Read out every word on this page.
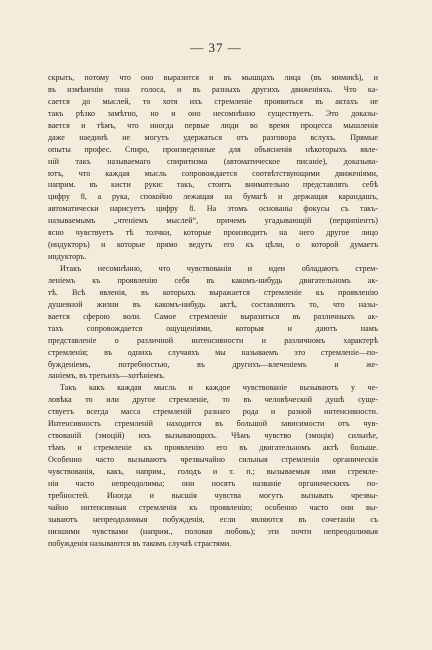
— 37 —
скрыть, потому что оно выразится и въ мышцахъ лица (въ мимикѣ), и
въ измѣненіи тона голоса, и въ разныхъ другихъ движеніяхъ. Что ка-
сается до мыслей, то хотя ихъ стремленіе проявиться въ актахъ не
такъ рѣзко замѣтно, но и оно несомнѣнно существуетъ. Это доказы-
вается и тѣмъ, что иногда первые люди во время процесса мышленія
даже наединѣ не могутъ удержаться отъ разговора вслухъ. Прямые
опыты профес. Спиро, произведенные для объясненія нѣкоторыхъ явле-
ній такъ называемаго спиритизма (автоматическое писаніе), доказыва-
ютъ, что каждая мысль сопровождается соотвѣтствующими движеніями,
наприм. въ кисти руки: такъ, стоитъ внимательно представлять себѣ
цифру 8, а рука, спокойно лежащая на бумагѣ и держащая карандашъ,
автоматически нарисуетъ цифру 8. На этомъ основаны фокусы съ такъ-
называемымъ „чтеніемъ мыслей“, причемъ угадывающій (перципіентъ)
ясно чувствуетъ тѣ толчки, которые производитъ на него другое лицо
(индукторъ) и которые прямо ведутъ его къ цѣли, о которой думаетъ
индукторъ.
Итакъ несомнѣнно, что чувствованія и идеи обладаютъ стрем-
леніемъ къ проявленію себя въ какомъ-нибудь двигательномъ ак-
тѣ. Всѣ явленія, въ которыхъ выражается стремленіе къ проявленію
душевной жизни въ какомъ-нибудь актѣ, составляютъ то, что назы-
вается сферою воли. Самое стремленіе выразиться въ различныхъ ак-
тахъ сопровождается ощущеніями, которыя и даютъ намъ
представленіе о различной интенсивности и различномъ характерѣ
стремленія; въ однихъ случаяхъ мы называемъ это стремленіе—по-
бужденіемъ, потребностью, въ другихъ—влеченіемъ и же-
ланіемъ, въ третьихъ—хотѣніемъ.
Такъ какъ каждая мысль и каждое чувствованіе вызываютъ у че-
ловѣка то или другое стремленіе, то въ человѣческой душѣ суще-
ствуетъ всегда масса стремленій разнаго рода и разной интенсивности.
Интенсивность стремленій находится въ большой зависимости отъ чув-
ствованій (эмоцій) ихъ вызывающихъ. Чѣмъ чувство (эмоція) сильнѣе,
тѣмъ и стремленіе къ проявленію его въ двигательномъ актѣ больше.
Особенно часто вызываютъ чрезвычайно сильныя стремленія органическія
чувствованія, какъ, наприм., голодъ и т. п.; вызываемыя ими стремле-
нія часто непреодолимы; они носятъ названіе органическихъ по-
требностей. Иногда и высшія чувства могутъ вызывать чрезвы-
чайно интенсивныя стремленія къ проявленію; особенно часто они вы-
зываютъ непреодолимыя побужденія, если являются въ сочетаніи съ
низшими чувствами (наприм., половая любовь); эти почти непреодолимыя
побужденія называются въ такомъ случаѣ страстями.
